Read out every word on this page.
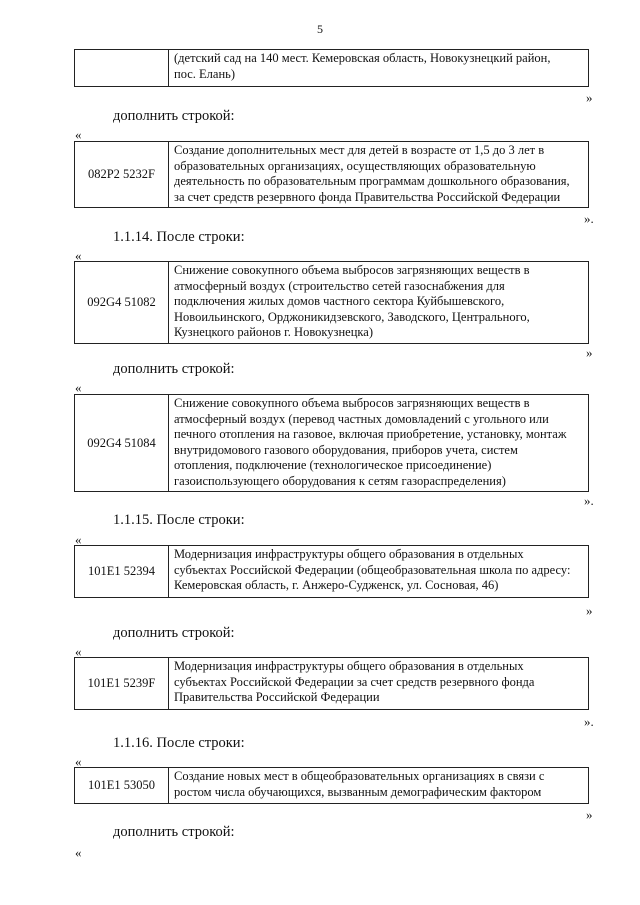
5
(детский сад на 140 мест. Кемеровская область, Новокузнецкий район,
пос. Елань)
»
дополнить строкой:
«
082Р2 5232F
Создание дополнительных мест для детей в возрасте от 1,5 до 3 лет в
образовательных организациях, осуществляющих образовательную
деятельность по образовательным программам дошкольного образования,
за счет средств резервного фонда Правительства Российской Федерации
».
1.1.14. После строки:
«
092G4 51082
Снижение совокупного объема выбросов загрязняющих веществ в
атмосферный воздух (строительство сетей газоснабжения для
подключения жилых домов частного сектора Куйбышевского,
Новоильинского, Орджоникидзевского, Заводского, Центрального,
Кузнецкого районов г. Новокузнецка)
»
дополнить строкой:
«
092G4 51084
Снижение совокупного объема выбросов загрязняющих веществ в
атмосферный воздух (перевод частных домовладений с угольного или
печного отопления на газовое, включая приобретение, установку, монтаж
внутридомового газового оборудования, приборов учета, систем
отопления, подключение (технологическое присоединение)
газоиспользующего оборудования к сетям газораспределения)
».
1.1.15. После строки:
«
101Е1 52394
Модернизация инфраструктуры общего образования в отдельных
субъектах Российской Федерации (общеобразовательная школа по адресу:
Кемеровская область, г. Анжеро-Судженск, ул. Сосновая, 46)
»
дополнить строкой:
«
101Е1 5239F
Модернизация инфраструктуры общего образования в отдельных
субъектах Российской Федерации за счет средств резервного фонда
Правительства Российской Федерации
».
1.1.16. После строки:
«
101Е1 53050
Создание новых мест в общеобразовательных организациях в связи с
ростом числа обучающихся, вызванным демографическим фактором
»
дополнить строкой:
«
